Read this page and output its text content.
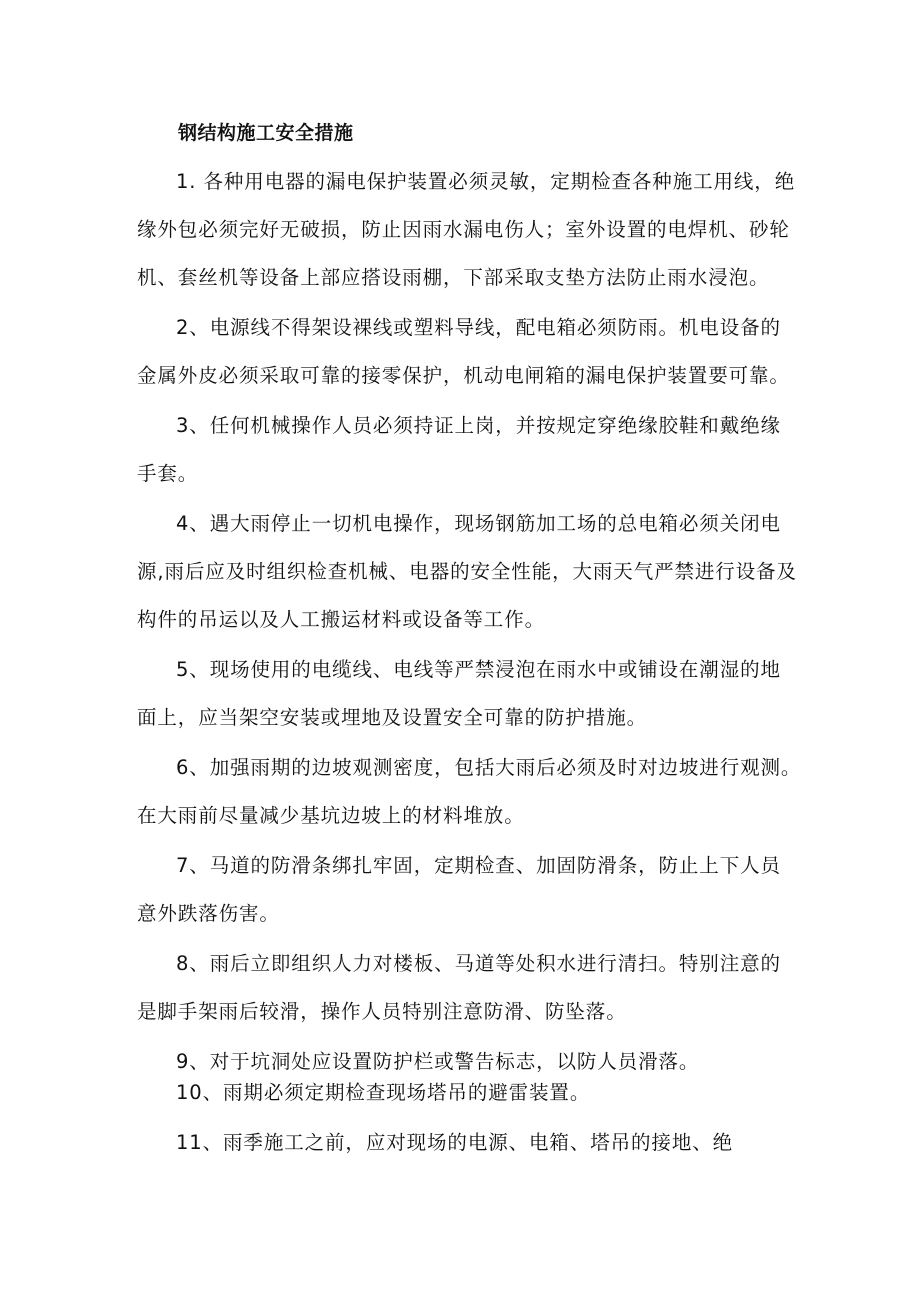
钢结构施工安全措施
1. 各种用电器的漏电保护装置必须灵敏，定期检查各种施工用线，绝
缘外包必须完好无破损，防止因雨水漏电伤人；室外设置的电焊机、砂轮
机、套丝机等设备上部应搭设雨棚，下部采取支垫方法防止雨水浸泡。
2、电源线不得架设裸线或塑料导线，配电箱必须防雨。机电设备的
金属外皮必须采取可靠的接零保护，机动电闸箱的漏电保护装置要可靠。
3、任何机械操作人员必须持证上岗，并按规定穿绝缘胶鞋和戴绝缘
手套。
4、遇大雨停止一切机电操作，现场钢筋加工场的总电箱必须关闭电
源,雨后应及时组织检查机械、电器的安全性能，大雨天气严禁进行设备及
构件的吊运以及人工搬运材料或设备等工作。
5、现场使用的电缆线、电线等严禁浸泡在雨水中或铺设在潮湿的地
面上，应当架空安装或埋地及设置安全可靠的防护措施。
6、加强雨期的边坡观测密度，包括大雨后必须及时对边坡进行观测。
在大雨前尽量减少基坑边坡上的材料堆放。
7、马道的防滑条绑扎牢固，定期检查、加固防滑条，防止上下人员
意外跌落伤害。
8、雨后立即组织人力对楼板、马道等处积水进行清扫。特别注意的
是脚手架雨后较滑，操作人员特别注意防滑、防坠落。
9、对于坑洞处应设置防护栏或警告标志，以防人员滑落。
10、雨期必须定期检查现场塔吊的避雷装置。
11、雨季施工之前，应对现场的电源、电箱、塔吊的接地、绝
